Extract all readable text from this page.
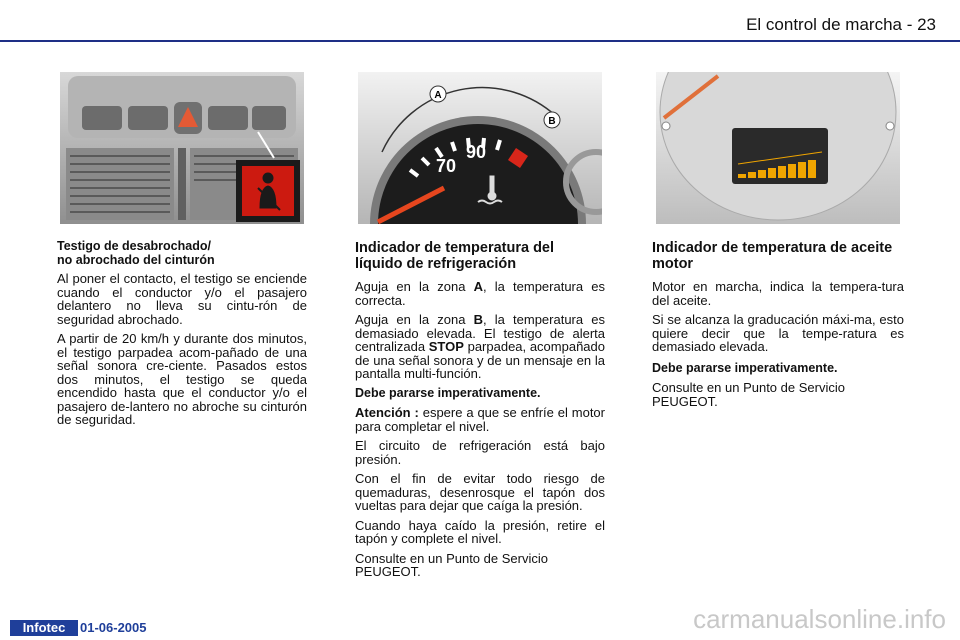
El control de marcha - 23
A
B
70
90
Testigo de desabrochado/
no abrochado del cinturón

Al poner el contacto, el testigo se enciende cuando el conductor y/o el pasajero delantero no lleva su cintu-rón de seguridad abrochado.

A partir de 20 km/h y durante dos minutos, el testigo parpadea acom-pañado de una señal sonora cre-ciente. Pasados estos dos minutos, el testigo se queda encendido hasta que el conductor y/o el pasajero de-lantero no abroche su cinturón de seguridad.

Indicador de temperatura del líquido de refrigeración

Aguja en la zona A, la temperatura es correcta.

Aguja en la zona B, la temperatura es demasiado elevada. El testigo de alerta centralizada STOP parpadea, acompañado de una señal sonora y de un mensaje en la pantalla multi-función.

Debe pararse imperativamente.

Atención : espere a que se enfríe el motor para completar el nivel.

El circuito de refrigeración está bajo presión.

Con el fin de evitar todo riesgo de quemaduras, desenrosque el tapón dos vueltas para dejar que caíga la presión.

Cuando haya caído la presión, retire el tapón y complete el nivel.

Consulte en un Punto de Servicio PEUGEOT.

Indicador de temperatura de aceite motor

Motor en marcha, indica la tempera-tura del aceite.

Si se alcanza la graducación máxi-ma, esto quiere decir que la tempe-ratura es demasiado elevada.

Debe pararse imperativamente.

Consulte en un Punto de Servicio PEUGEOT.

Infotec	01-06-2005	carmanualsonline.info
